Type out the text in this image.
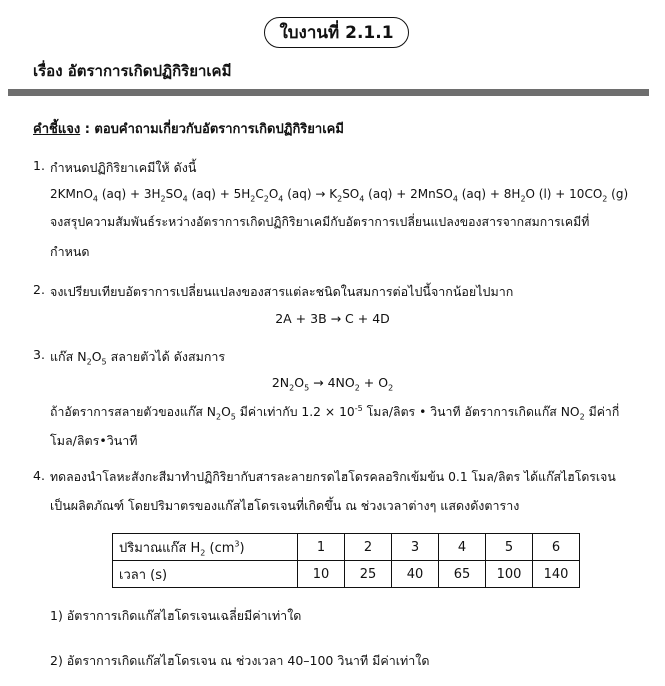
ใบงานที่ 2.1.1
เรื่อง อัตราการเกิดปฏิกิริยาเคมี
คำชี้แจง : ตอบคำถามเกี่ยวกับอัตราการเกิดปฏิกิริยาเคมี
1. กำหนดปฏิกิริยาเคมีให้ ดังนี้
2KMnO$_4$ $(aq) + 3H_2SO_4$ $(aq) + 5H_2C_2O_4$ $(aq) \to K_2SO_4$ (aq) + 2MnSO$_4$ $(aq) + 8H_2O$ $(l) + 10CO_2$ (g)
จงสรุปความสัมพันธ์ระหว่างอัตราการเกิดปฏิกิริยาเคมีกับอัตราการเปลี่ยนแปลงของสารจากสมการเคมีที่
กำหนด
2. จงเปรียบเทียบอัตราการเปลี่ยนแปลงของสารแต่ละชนิดในสมการต่อไปนี้จากน้อยไปมาก
2A + 3B → C + 4D
3. แก๊ส $N_2O_5$ สลายตัวได้ ดังสมการ
$2N_2O_5 \to 4NO_2 + O_2$
ถ้าอัตราการสลายตัวของแก๊ส $N_2O_5$ มีค่าเท่ากับ $1.2 \times 10^{-5}$ โมล/ลิตร • วินาที อัตราการเกิดแก๊ส $NO_2$ มีค่ากี่
โมล/ลิตร•วินาที
4. ทดลองนำโลหะสังกะสีมาทำปฏิกิริยากับสารละลายกรดไฮโดรคลอริกเข้มข้น 0.1 โมล/ลิตร ได้แก๊สไฮโดรเจน
เป็นผลิตภัณฑ์ โดยปริมาตรของแก๊สไฮโดรเจนที่เกิดขึ้น ณ ช่วงเวลาต่างๆ แสดงดังตาราง
ปริมาณแก๊ส $H_2$ $(cm^3)$	1	2	3	4	5	6
เวลา (s)	10	25	40	65	100	140
1) อัตราการเกิดแก๊สไฮโดรเจนเฉลี่ยมีค่าเท่าใด
2) อัตราการเกิดแก๊สไฮโดรเจน ณ ช่วงเวลา 40–100 วินาที มีค่าเท่าใด
